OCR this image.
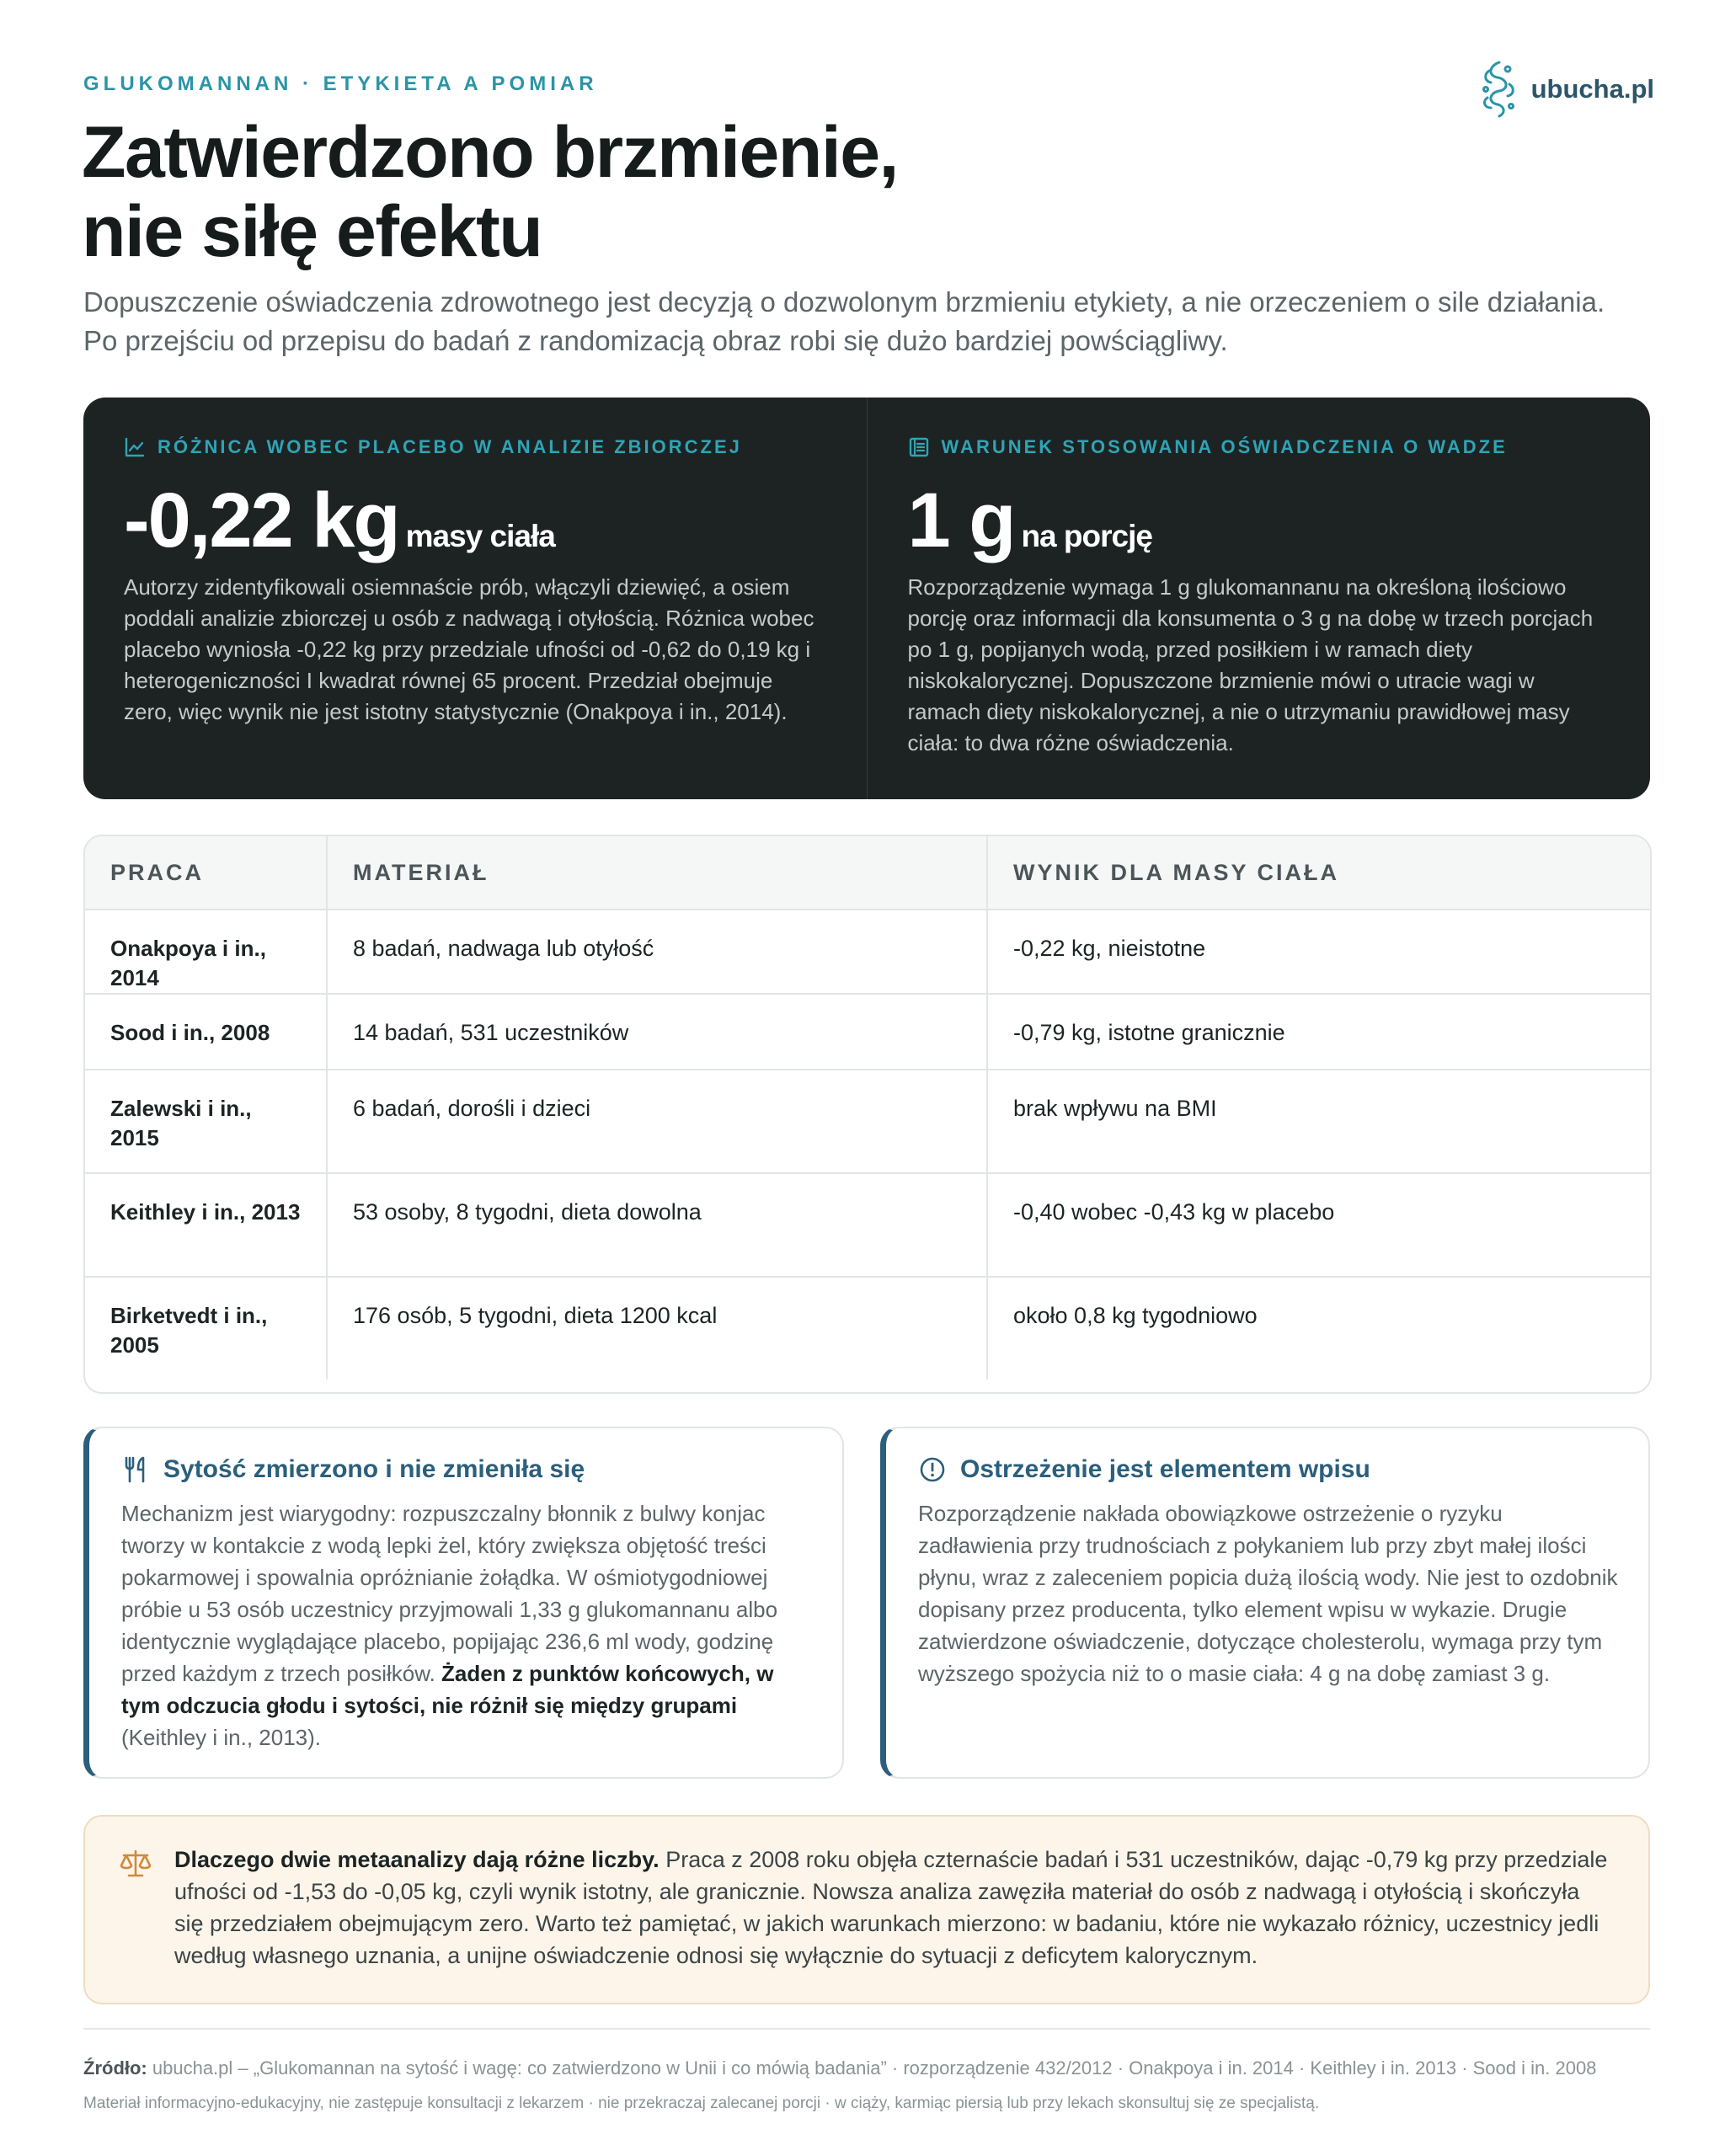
GLUKOMANNAN · ETYKIETA A POMIAR	ubucha.pl
Zatwierdzono brzmienie,
nie siłę efektu

Dopuszczenie oświadczenia zdrowotnego jest decyzją o dozwolonym brzmieniu etykiety, a nie orzeczeniem o sile działania. Po przejściu od przepisu do badań z randomizacją obraz robi się dużo bardziej powściągliwy.

RÓŻNICA WOBEC PLACEBO W ANALIZIE ZBIORCZEJ
-0,22 kg masy ciała
Autorzy zidentyfikowali osiemnaście prób, włączyli dziewięć, a osiem poddali analizie zbiorczej u osób z nadwagą i otyłością. Różnica wobec placebo wyniosła -0,22 kg przy przedziale ufności od -0,62 do 0,19 kg i heterogeniczności I kwadrat równej 65 procent. Przedział obejmuje zero, więc wynik nie jest istotny statystycznie (Onakpoya i in., 2014).
WARUNEK STOSOWANIA OŚWIADCZENIA O WADZE
1 g na porcję
Rozporządzenie wymaga 1 g glukomannanu na określoną ilościowo porcję oraz informacji dla konsumenta o 3 g na dobę w trzech porcjach po 1 g, popijanych wodą, przed posiłkiem i w ramach diety niskokalorycznej. Dopuszczone brzmienie mówi o utracie wagi w ramach diety niskokalorycznej, a nie o utrzymaniu prawidłowej masy ciała: to dwa różne oświadczenia.
PRACA	MATERIAŁ	WYNIK DLA MASY CIAŁA
Onakpoya i in., 2014	8 badań, nadwaga lub otyłość	-0,22 kg, nieistotne
Sood i in., 2008	14 badań, 531 uczestników	-0,79 kg, istotne granicznie
Zalewski i in., 2015	6 badań, dorośli i dzieci	brak wpływu na BMI
Keithley i in., 2013	53 osoby, 8 tygodni, dieta dowolna	-0,40 wobec -0,43 kg w placebo
Birketvedt i in., 2005	176 osób, 5 tygodni, dieta 1200 kcal	około 0,8 kg tygodniowo
Sytość zmierzono i nie zmieniła się
Mechanizm jest wiarygodny: rozpuszczalny błonnik z bulwy konjac tworzy w kontakcie z wodą lepki żel, który zwiększa objętość treści pokarmowej i spowalnia opróżnianie żołądka. W ośmiotygodniowej próbie u 53 osób uczestnicy przyjmowali 1,33 g glukomannanu albo identycznie wyglądające placebo, popijając 236,6 ml wody, godzinę przed każdym z trzech posiłków. Żaden z punktów końcowych, w tym odczucia głodu i sytości, nie różnił się między grupami (Keithley i in., 2013).
Ostrzeżenie jest elementem wpisu
Rozporządzenie nakłada obowiązkowe ostrzeżenie o ryzyku zadławienia przy trudnościach z połykaniem lub przy zbyt małej ilości płynu, wraz z zaleceniem popicia dużą ilością wody. Nie jest to ozdobnik dopisany przez producenta, tylko element wpisu w wykazie. Drugie zatwierdzone oświadczenie, dotyczące cholesterolu, wymaga przy tym wyższego spożycia niż to o masie ciała: 4 g na dobę zamiast 3 g.
Dlaczego dwie metaanalizy dają różne liczby. Praca z 2008 roku objęła czternaście badań i 531 uczestników, dając -0,79 kg przy przedziale ufności od -1,53 do -0,05 kg, czyli wynik istotny, ale granicznie. Nowsza analiza zawęziła materiał do osób z nadwagą i otyłością i skończyła się przedziałem obejmującym zero. Warto też pamiętać, w jakich warunkach mierzono: w badaniu, które nie wykazało różnicy, uczestnicy jedli według własnego uznania, a unijne oświadczenie odnosi się wyłącznie do sytuacji z deficytem kalorycznym.
Źródło: ubucha.pl – „Glukomannan na sytość i wagę: co zatwierdzono w Unii i co mówią badania” · rozporządzenie 432/2012 · Onakpoya i in. 2014 · Keithley i in. 2013 · Sood i in. 2008
Materiał informacyjno-edukacyjny, nie zastępuje konsultacji z lekarzem · nie przekraczaj zalecanej porcji · w ciąży, karmiąc piersią lub przy lekach skonsultuj się ze specjalistą.
